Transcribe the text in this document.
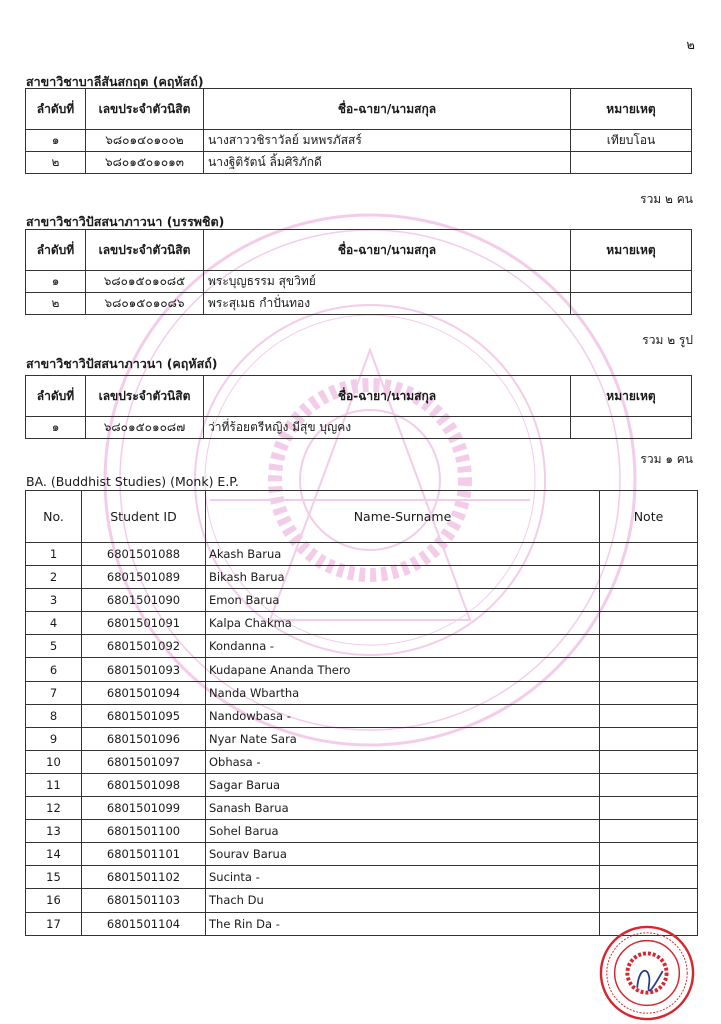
๒
สาขาวิชาบาลีสันสกฤต (คฤหัสถ์)
ลำดับที่	เลขประจำตัวนิสิต	ชื่อ-ฉายา/นามสกุล	หมายเหตุ
๑	๖๘๐๑๔๐๑๐๐๒	นางสาววชิราวัลย์ มหพรภัสสร์	เทียบโอน
๒	๖๘๐๑๕๐๑๐๑๓	นางฐิติรัตน์ ลิ้มศิริภักดี	
รวม ๒ คน
สาขาวิชาวิปัสสนาภาวนา (บรรพชิต)
ลำดับที่	เลขประจำตัวนิสิต	ชื่อ-ฉายา/นามสกุล	หมายเหตุ
๑	๖๘๐๑๕๐๑๐๘๕	พระบุญธรรม สุขวิทย์	
๒	๖๘๐๑๕๐๑๐๘๖	พระสุเมธ กำปั่นทอง	
รวม ๒ รูป
สาขาวิชาวิปัสสนาภาวนา (คฤหัสถ์)
ลำดับที่	เลขประจำตัวนิสิต	ชื่อ-ฉายา/นามสกุล	หมายเหตุ
๑	๖๘๐๑๕๐๑๐๘๗	ว่าที่ร้อยตรีหญิง มีสุข บุญคง	
รวม ๑ คน
BA. (Buddhist Studies) (Monk) E.P.
No.	Student ID	Name-Surname	Note
1	6801501088	Akash Barua	
2	6801501089	Bikash Barua	
3	6801501090	Emon Barua	
4	6801501091	Kalpa Chakma	
5	6801501092	Kondanna -	
6	6801501093	Kudapane Ananda Thero	
7	6801501094	Nanda Wbartha	
8	6801501095	Nandowbasa -	
9	6801501096	Nyar Nate Sara	
10	6801501097	Obhasa -	
11	6801501098	Sagar Barua	
12	6801501099	Sanash Barua	
13	6801501100	Sohel Barua	
14	6801501101	Sourav Barua	
15	6801501102	Sucinta -	
16	6801501103	Thach Du	
17	6801501104	The Rin Da -	
